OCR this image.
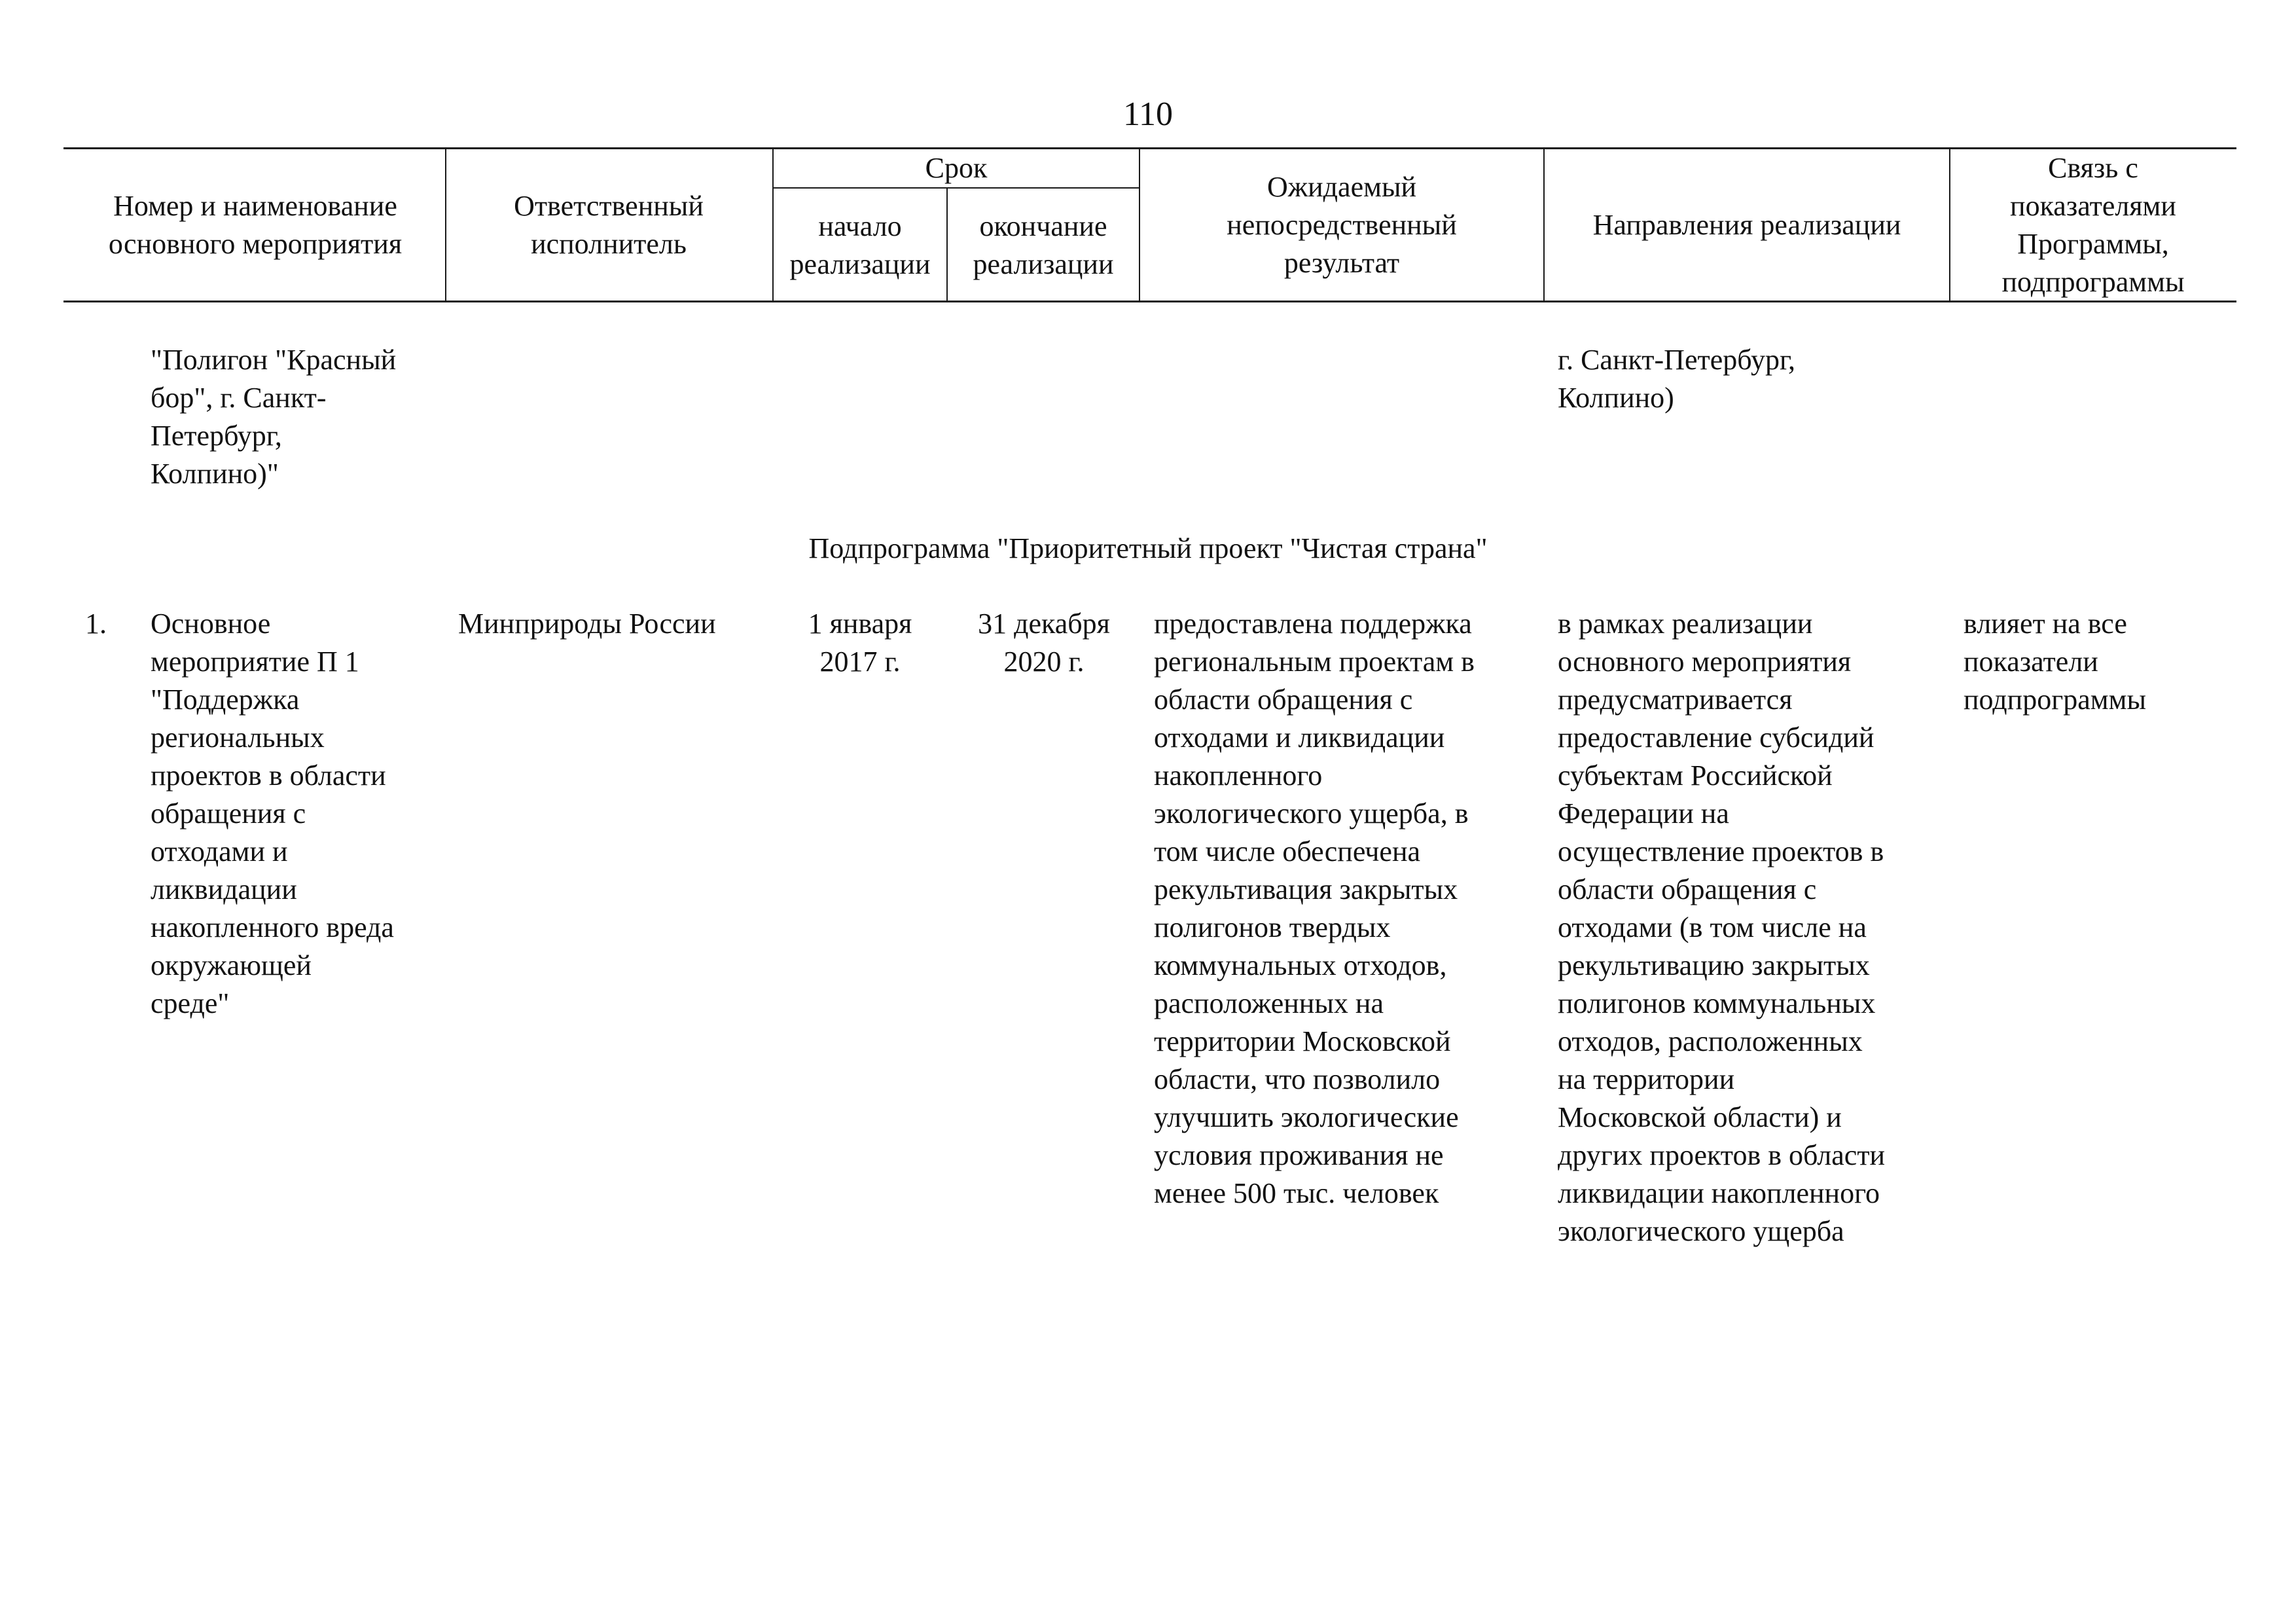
110
Номер и наименование основного мероприятия
Ответственный исполнитель
Срок
начало реализации
окончание реализации
Ожидаемый непосредственный результат
Направления реализации
Связь с показателями Программы, подпрограммы
"Полигон "Красный
бор", г. Санкт-
Петербург,
Колпино)"
г. Санкт-Петербург,
Колпино)
Подпрограмма "Приоритетный проект "Чистая страна"
1.	Основное
мероприятие П 1
"Поддержка
региональных
проектов в области
обращения с
отходами и
ликвидации
накопленного вреда
окружающей
среде"
Минприроды России	1 января
2017 г.
31 декабря
2020 г.
предоставлена поддержка
региональным проектам в
области обращения с
отходами и ликвидации
накопленного
экологического ущерба, в
том числе обеспечена
рекультивация закрытых
полигонов твердых
коммунальных отходов,
расположенных на
территории Московской
области, что позволило
улучшить экологические
условия проживания не
менее 500 тыс. человек
в рамках реализации
основного мероприятия
предусматривается
предоставление субсидий
субъектам Российской
Федерации на
осуществление проектов в
области обращения с
отходами (в том числе на
рекультивацию закрытых
полигонов коммунальных
отходов, расположенных
на территории
Московской области) и
других проектов в области
ликвидации накопленного
экологического ущерба
влияет на все
показатели
подпрограммы
